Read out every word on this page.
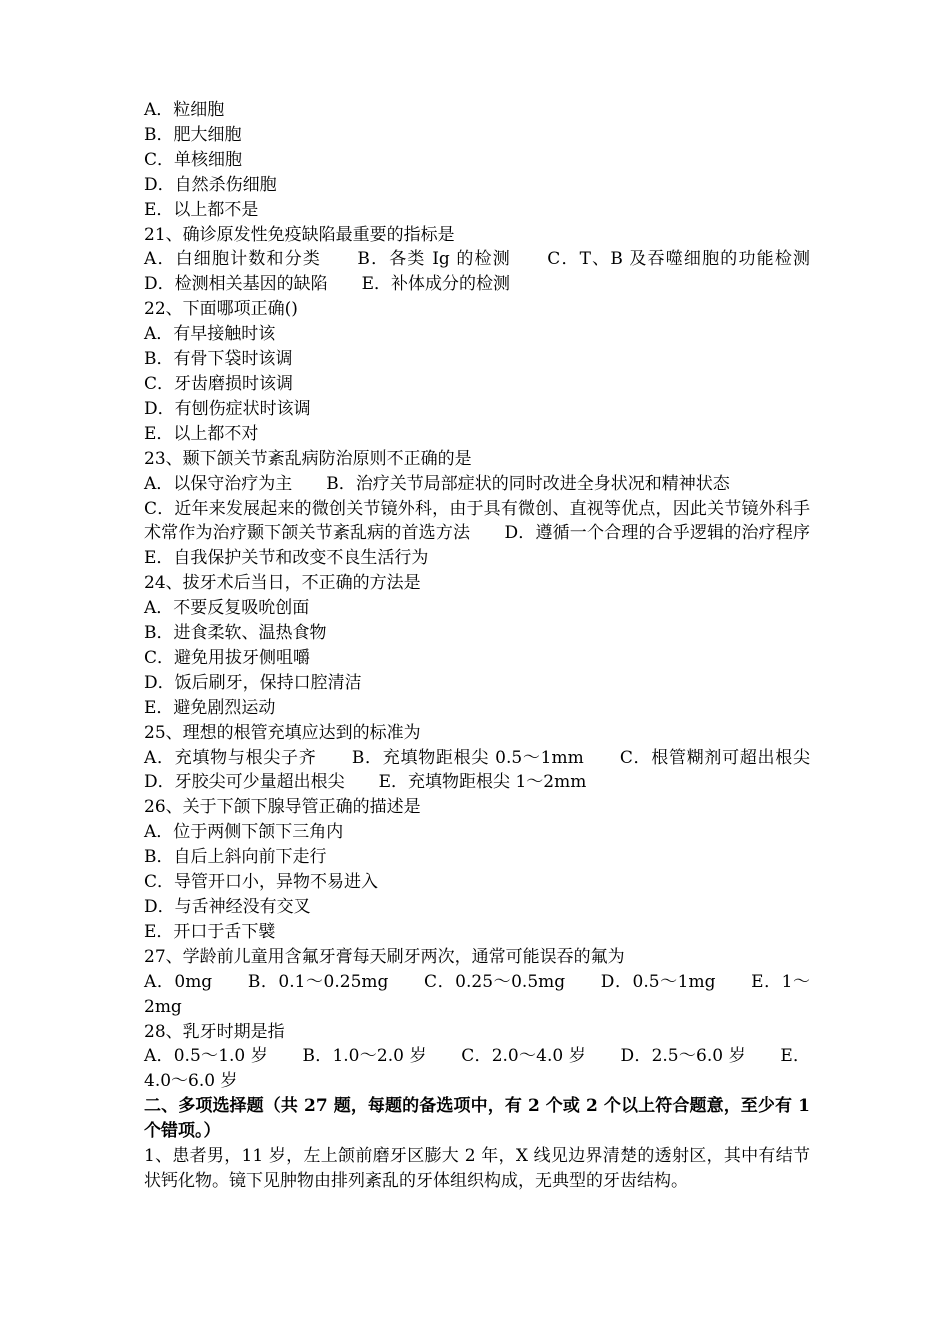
A．粒细胞

B．肥大细胞

C．单核细胞

D．自然杀伤细胞

E．以上都不是

21、确诊原发性免疫缺陷最重要的指标是

A．白细胞计数和分类　　B．各类 Ig 的检测　　C．T、B 及吞噬细胞的功能检测　　D．检测相关基因的缺陷　　E．补体成分的检测

22、下面哪项正确()

A．有早接触时该

B．有骨下袋时该调

C．牙齿磨损时该调

D．有刨伤症状时该调

E．以上都不对

23、颞下颌关节紊乱病防治原则不正确的是

A．以保守治疗为主　　B．治疗关节局部症状的同时改进全身状况和精神状态

C．近年来发展起来的微创关节镜外科，由于具有微创、直视等优点，因此关节镜外科手术常作为治疗颞下颌关节紊乱病的首选方法　　D．遵循一个合理的合乎逻辑的治疗程序　　E．自我保护关节和改变不良生活行为

24、拔牙术后当日，不正确的方法是

A．不要反复吸吮创面

B．进食柔软、温热食物

C．避免用拔牙侧咀嚼

D．饭后刷牙，保持口腔清洁

E．避免剧烈运动

25、理想的根管充填应达到的标准为

A．充填物与根尖子齐　　B．充填物距根尖 0.5～1mm　　C．根管糊剂可超出根尖　　D．牙胶尖可少量超出根尖　　E．充填物距根尖 1～2mm

26、关于下颌下腺导管正确的描述是

A．位于两侧下颌下三角内

B．自后上斜向前下走行

C．导管开口小，异物不易进入

D．与舌神经没有交叉

E．开口于舌下襞

27、学龄前儿童用含氟牙膏每天刷牙两次，通常可能误吞的氟为

A．0mg　　B．0.1～0.25mg　　C．0.25～0.5mg　　D．0.5～1mg　　E．1～2mg

28、乳牙时期是指

A．0.5～1.0 岁　　B．1.0～2.0 岁　　C．2.0～4.0 岁　　D．2.5～6.0 岁　　E．4.0～6.0 岁

二、多项选择题（共 27 题，每题的备选项中，有 2 个或 2 个以上符合题意，至少有 1 个错项。）

1、患者男，11 岁，左上颌前磨牙区膨大 2 年，X 线见边界清楚的透射区，其中有结节状钙化物。镜下见肿物由排列紊乱的牙体组织构成，无典型的牙齿结构。
